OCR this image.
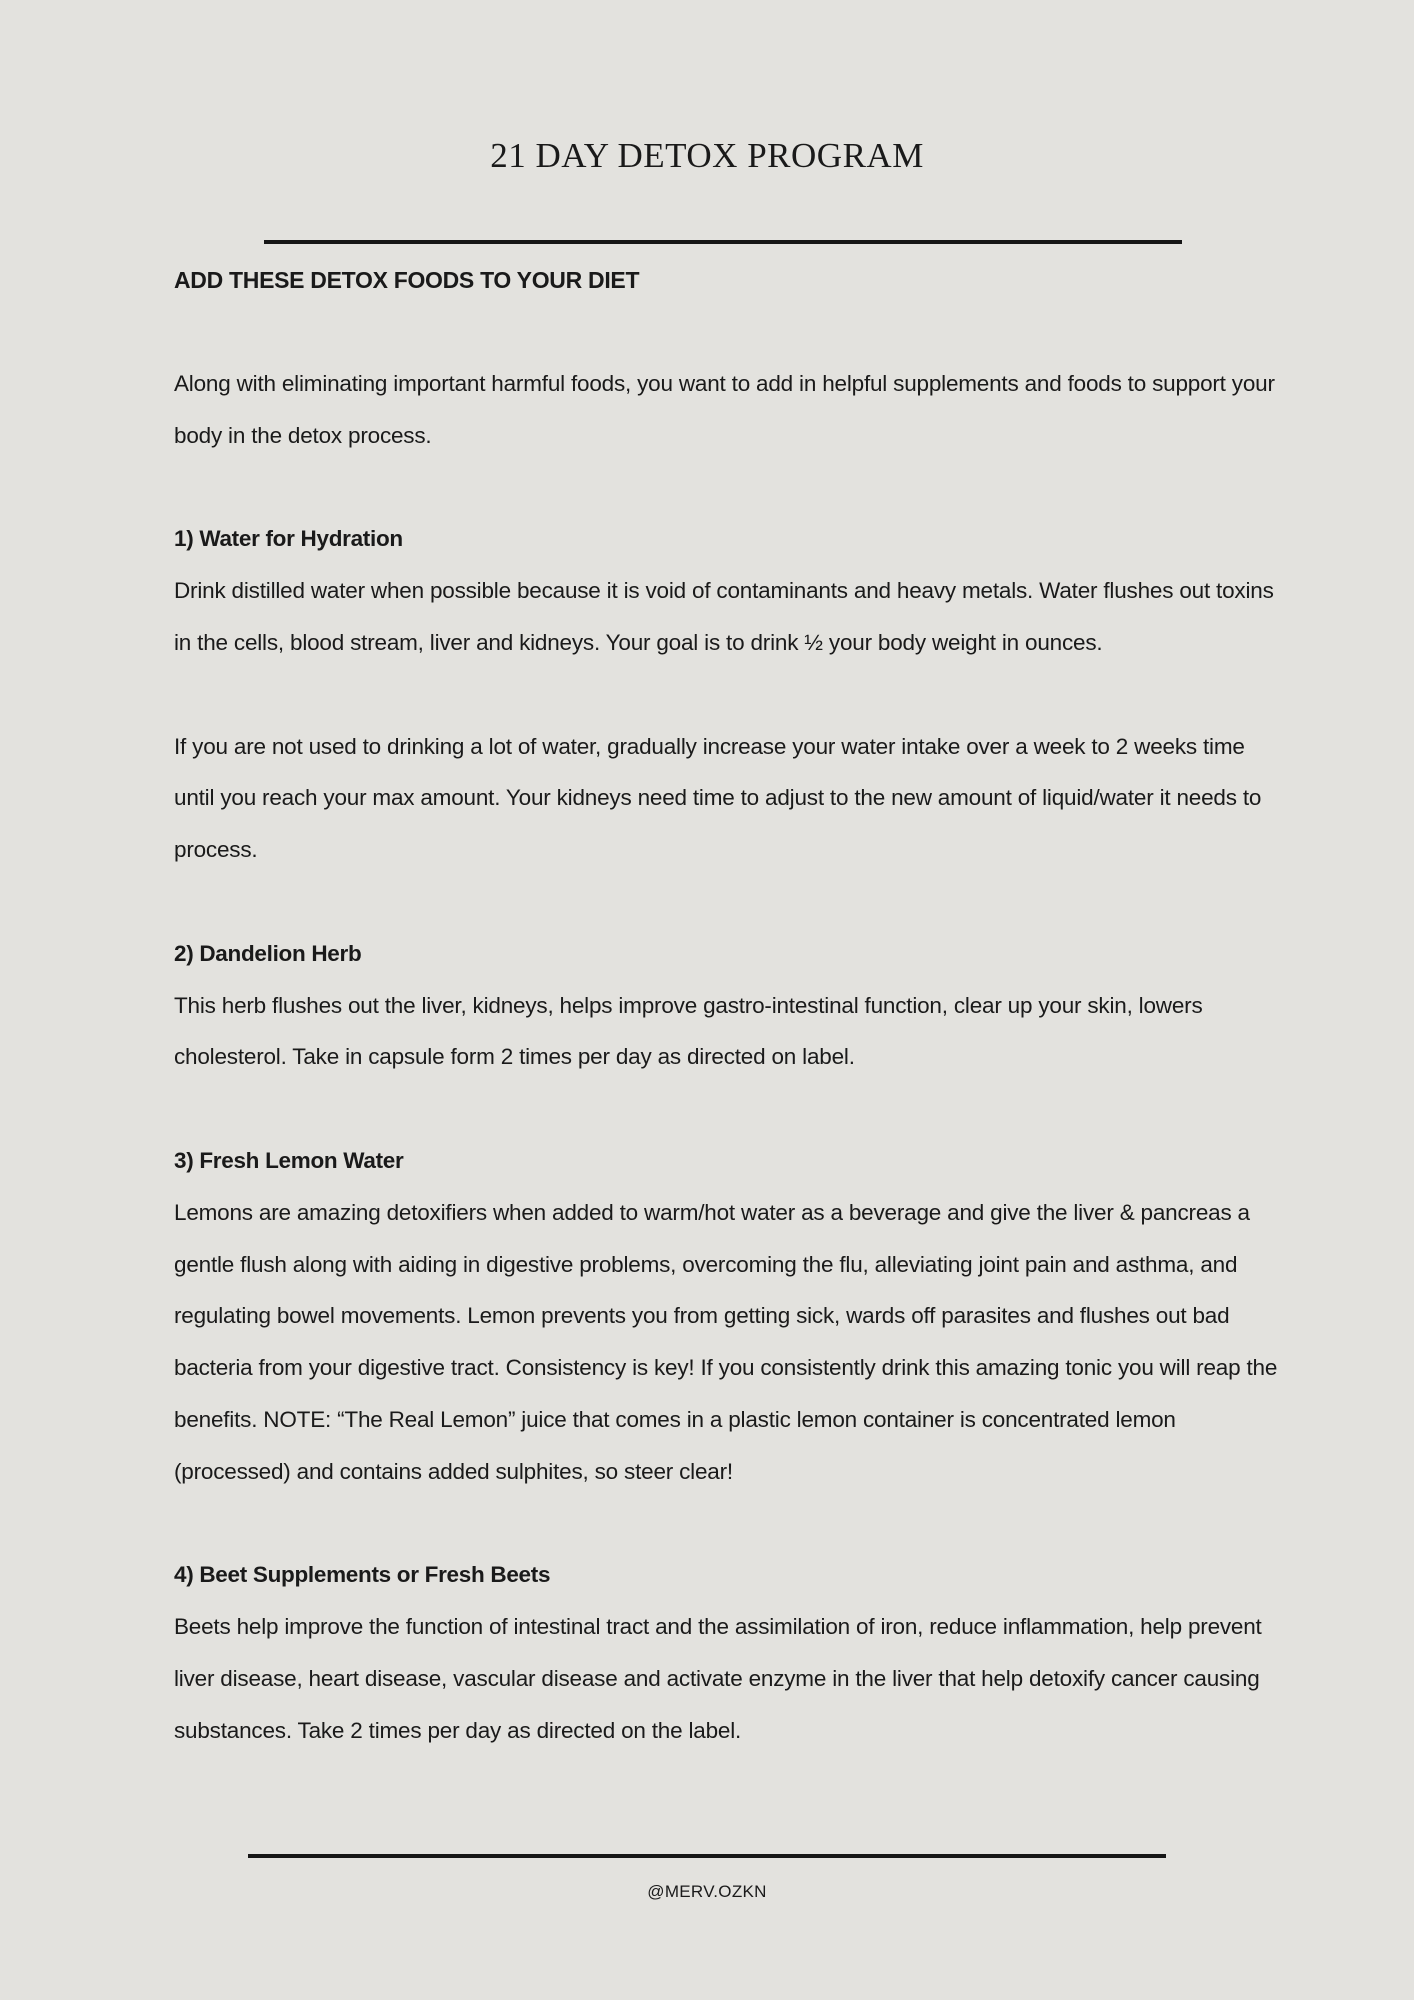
21 DAY DETOX PROGRAM
ADD THESE DETOX FOODS TO YOUR DIET

Along with eliminating important harmful foods, you want to add in helpful supplements and foods to support your body in the detox process.

1) Water for Hydration

Drink distilled water when possible because it is void of contaminants and heavy metals. Water flushes out toxins in the cells, blood stream, liver and kidneys. Your goal is to drink ½ your body weight in ounces.

If you are not used to drinking a lot of water, gradually increase your water intake over a week to 2 weeks time until you reach your max amount. Your kidneys need time to adjust to the new amount of liquid/water it needs to process.

2) Dandelion Herb

This herb flushes out the liver, kidneys, helps improve gastro-intestinal function, clear up your skin, lowers cholesterol. Take in capsule form 2 times per day as directed on label.

3) Fresh Lemon Water

Lemons are amazing detoxifiers when added to warm/hot water as a beverage and give the liver & pancreas a gentle flush along with aiding in digestive problems, overcoming the flu, alleviating joint pain and asthma, and regulating bowel movements. Lemon prevents you from getting sick, wards off parasites and flushes out bad bacteria from your digestive tract. Consistency is key! If you consistently drink this amazing tonic you will reap the benefits. NOTE: “The Real Lemon” juice that comes in a plastic lemon container is concentrated lemon (processed) and contains added sulphites, so steer clear!

4) Beet Supplements or Fresh Beets

Beets help improve the function of intestinal tract and the assimilation of iron, reduce inflammation, help prevent liver disease, heart disease, vascular disease and activate enzyme in the liver that help detoxify cancer causing substances. Take 2 times per day as directed on the label.

@MERV.OZKN
